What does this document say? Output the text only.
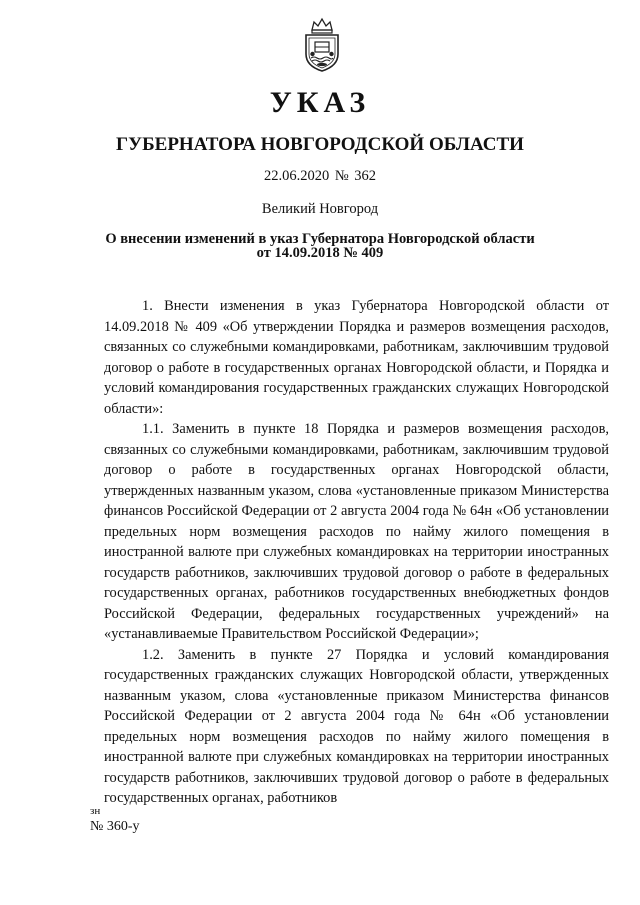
УКАЗ
ГУБЕРНАТОРА НОВГОРОДСКОЙ ОБЛАСТИ
22.06.2020 № 362
Великий Новгород
О внесении изменений в указ Губернатора Новгородской области
от 14.09.2018 № 409

1. Внести изменения в указ Губернатора Новгородской области от 14.09.2018 № 409 «Об утверждении Порядка и размеров возмещения расходов, связанных со служебными командировками, работникам, заключившим трудовой договор о работе в государственных органах Новгородской области, и Порядка и условий командирования государственных гражданских служащих Новгородской области»:

1.1. Заменить в пункте 18 Порядка и размеров возмещения расходов, связанных со служебными командировками, работникам, заключившим трудовой договор о работе в государственных органах Новгородской области, утвержденных названным указом, слова «установленные приказом Министерства финансов Российской Федерации от 2 августа 2004 года № 64н «Об установлении предельных норм возмещения расходов по найму жилого помещения в иностранной валюте при служебных командировках на территории иностранных государств работников, заключивших трудовой договор о работе в федеральных государственных органах, работников государственных внебюджетных фондов Российской Федерации, федеральных государственных учреждений» на «устанавливаемые Правительством Российской Федерации»;

1.2. Заменить в пункте 27 Порядка и условий командирования государственных гражданских служащих Новгородской области, утвержденных названным указом, слова «установленные приказом Министерства финансов Российской Федерации от 2 августа 2004 года № 64н «Об установлении предельных норм возмещения расходов по найму жилого помещения в иностранной валюте при служебных командировках на территории иностранных государств работников, заключивших трудовой договор о работе в федеральных государственных органах, работников

зн
№ 360-у
